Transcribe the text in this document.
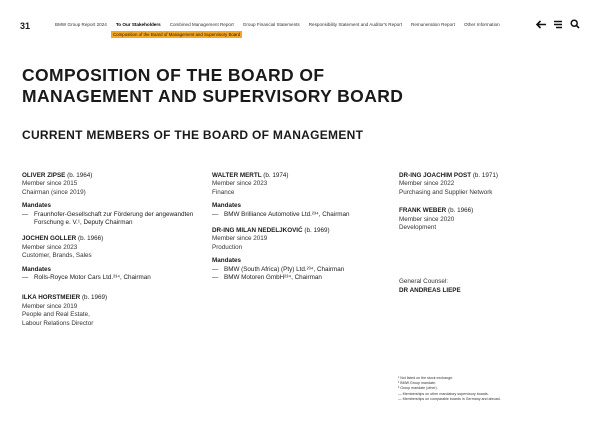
31	BMW Group Report 2024 To Our Stakeholders Combined Management Report Group Financial Statements Responsibility Statement and Auditor's Report Remuneration Report Other Information
Composition of the Board of Management and Supervisory Board
COMPOSITION OF THE BOARD OF
MANAGEMENT AND SUPERVISORY BOARD
CURRENT MEMBERS OF THE BOARD OF MANAGEMENT
OLIVER ZIPSE (b. 1964)
Member since 2015
Chairman (since 2019)
Mandates
— Fraunhofer-Gesellschaft zur Förderung der angewandten Forschung e. V.¹, Deputy Chairman
JOCHEN GOLLER (b. 1966)
Member since 2023
Customer, Brands, Sales
Mandates
— Rolls-Royce Motor Cars Ltd.²³⁴, Chairman
ILKA HORSTMEIER (b. 1969)
Member since 2019
People and Real Estate,
Labour Relations Director
WALTER MERTL (b. 1974)
Member since 2023
Finance
Mandates
— BMW Brilliance Automotive Ltd.²³⁴, Chairman
DR-ING MILAN NEDELJKOVIĆ (b. 1969)
Member since 2019
Production
Mandates
— BMW (South Africa) (Pty) Ltd.²³⁴, Chairman
— BMW Motoren GmbH²³⁴, Chairman
DR-ING JOACHIM POST (b. 1971)
Member since 2022
Purchasing and Supplier Network
FRANK WEBER (b. 1966)
Member since 2020
Development
General Counsel:
DR ANDREAS LIEPE
¹ Not listed on the stock exchange.
² BMW Group mandate.
³ Group mandate (other).
— Memberships on other mandatory supervisory boards.
— Memberships on comparable boards in Germany and abroad.
